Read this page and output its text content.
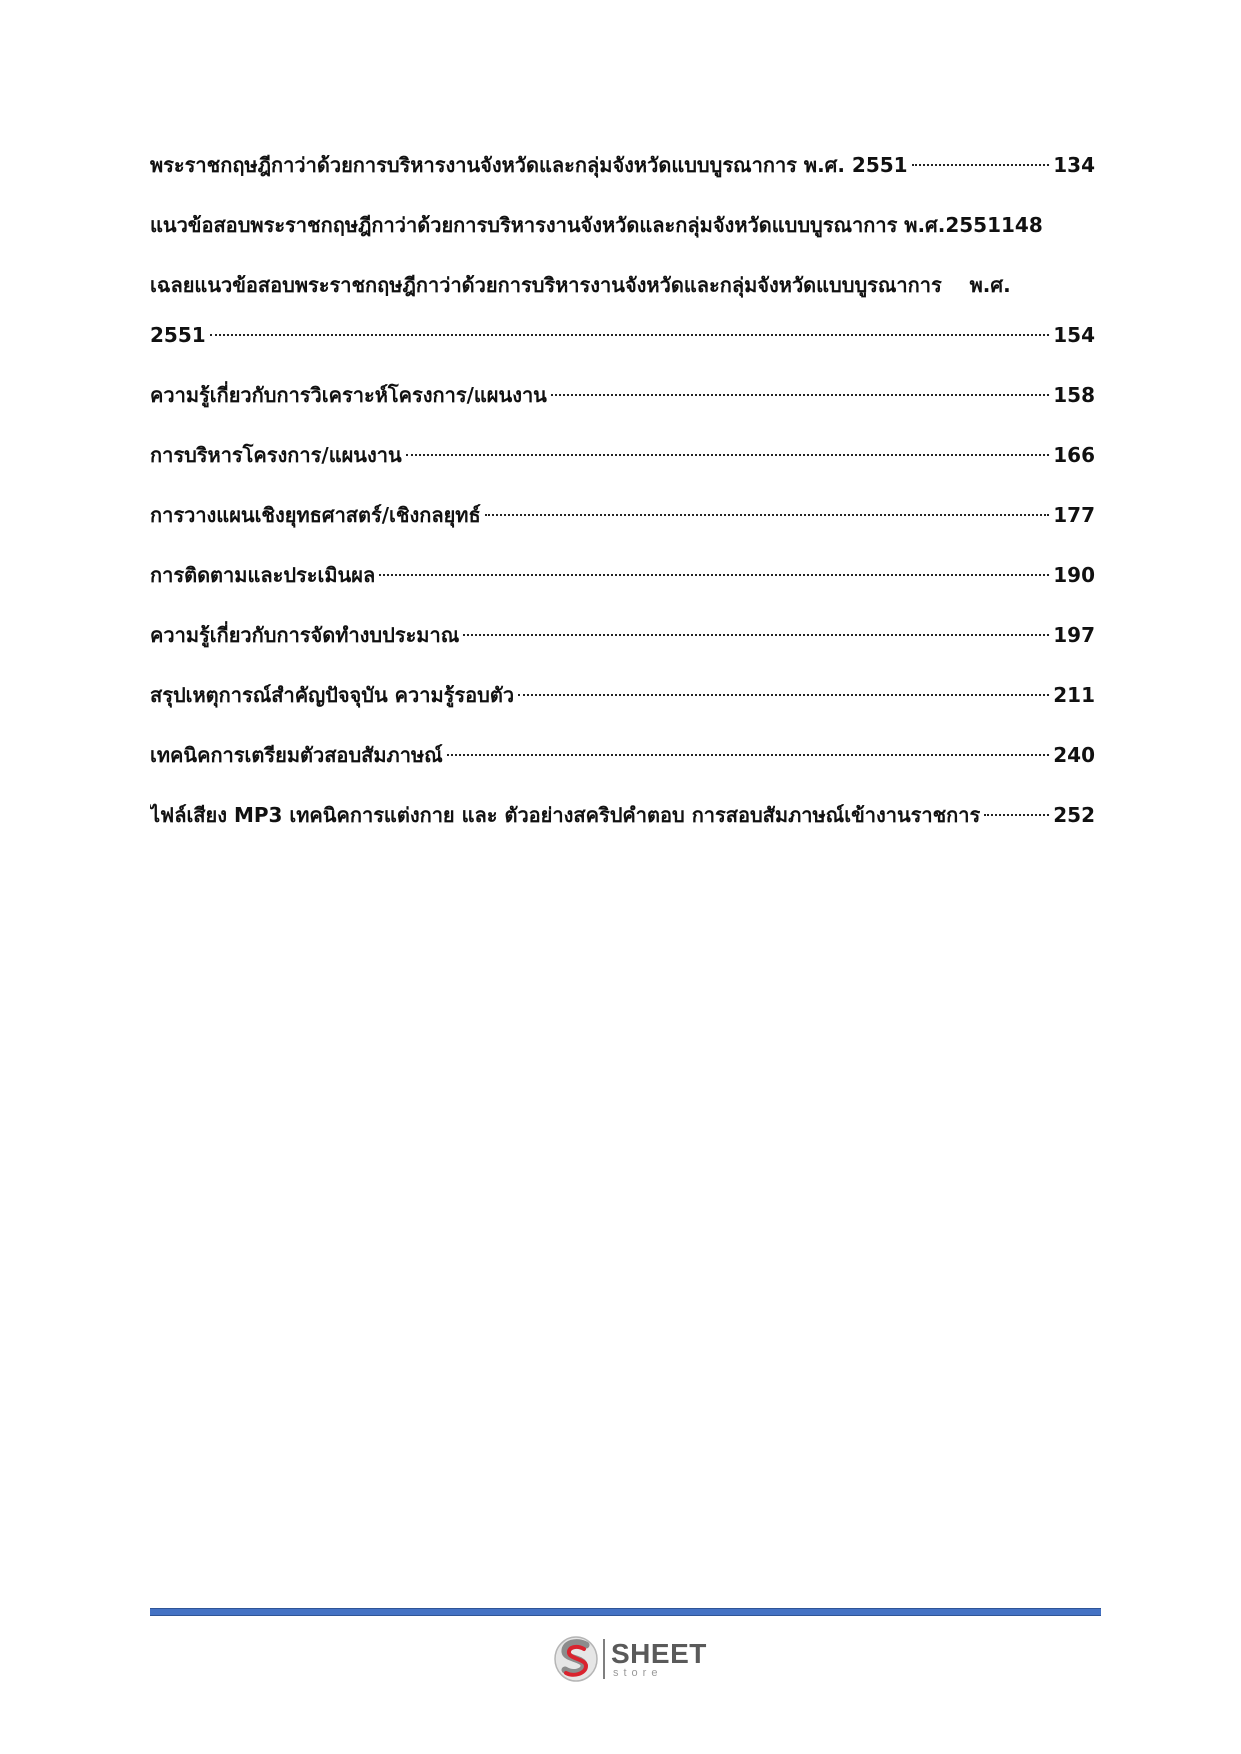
พระราชกฤษฎีกาว่าด้วยการบริหารงานจังหวัดและกลุ่มจังหวัดแบบบูรณาการ พ.ศ. 2551	134
แนวข้อสอบพระราชกฤษฎีกาว่าด้วยการบริหารงานจังหวัดและกลุ่มจังหวัดแบบบูรณาการ พ.ศ.2551 148
เฉลยแนวข้อสอบพระราชกฤษฎีกาว่าด้วยการบริหารงานจังหวัดและกลุ่มจังหวัดแบบบูรณาการ    พ.ศ.
2551	154
ความรู้เกี่ยวกับการวิเคราะห์โครงการ/แผนงาน	158
การบริหารโครงการ/แผนงาน	166
การวางแผนเชิงยุทธศาสตร์/เชิงกลยุทธ์	177
การติดตามและประเมินผล	190
ความรู้เกี่ยวกับการจัดทำงบประมาณ	197
สรุปเหตุการณ์สำคัญปัจจุบัน ความรู้รอบตัว	211
เทคนิคการเตรียมตัวสอบสัมภาษณ์	240
ไฟล์เสียง MP3 เทคนิคการแต่งกาย และ ตัวอย่างสคริปคำตอบ การสอบสัมภาษณ์เข้างานราชการ	252
SHEET
store
